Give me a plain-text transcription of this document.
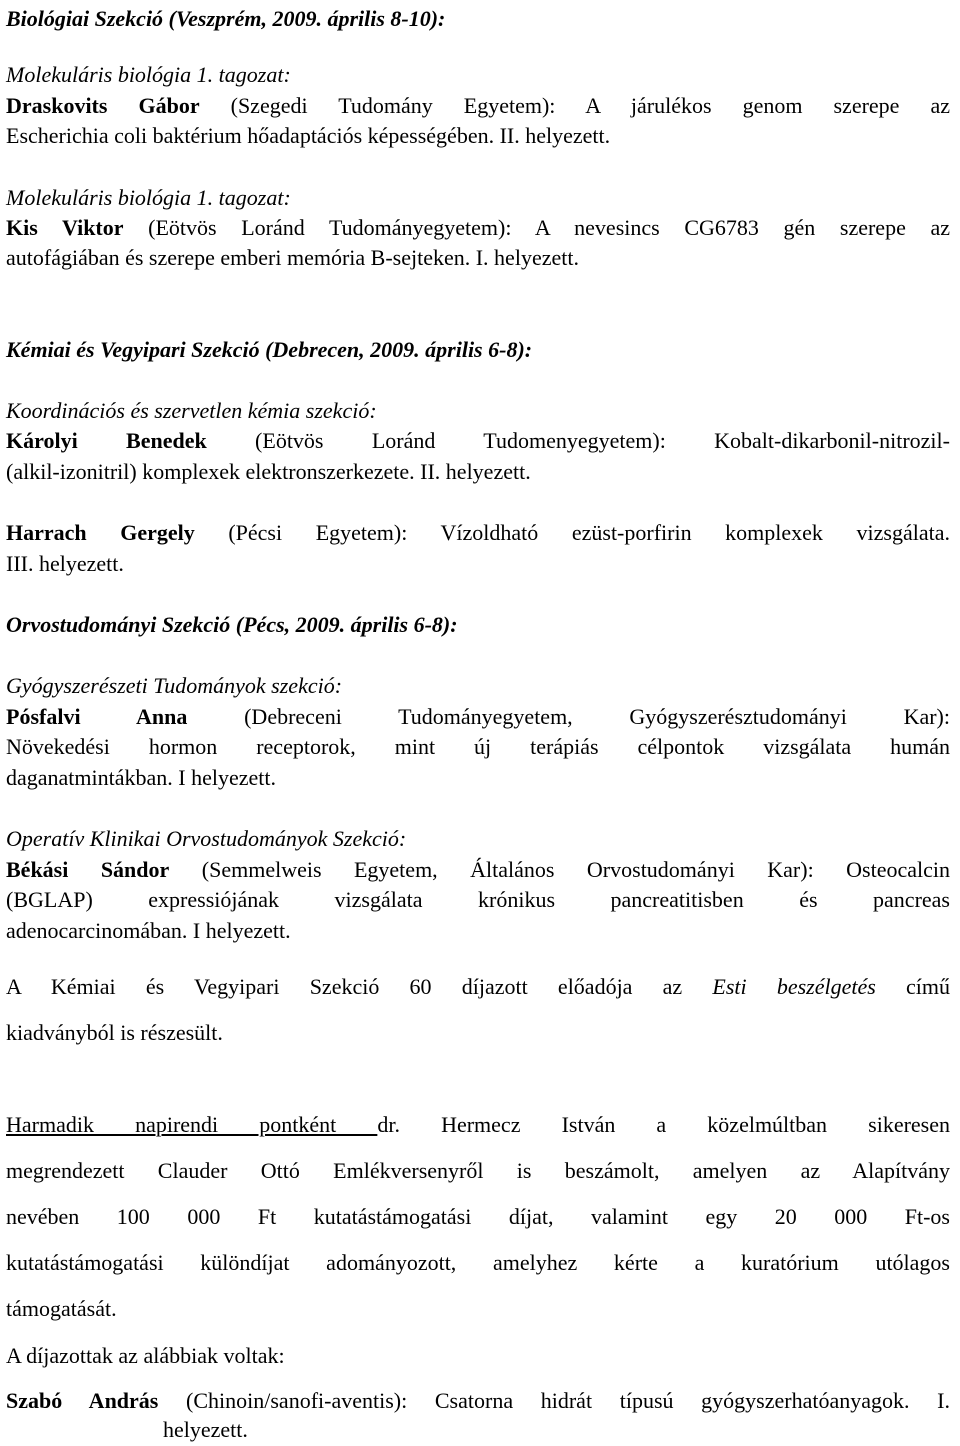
Biológiai Szekció (Veszprém, 2009. április 8-10):
Molekuláris biológia 1. tagozat:
Draskovits Gábor (Szegedi Tudomány Egyetem): A járulékos genom szerepe az
Escherichia coli baktérium hőadaptációs képességében. II. helyezett.
Molekuláris biológia 1. tagozat:
Kis Viktor (Eötvös Loránd Tudományegyetem): A nevesincs CG6783 gén szerepe az
autofágiában és szerepe emberi memória B-sejteken. I. helyezett.
Kémiai és Vegyipari Szekció (Debrecen, 2009. április 6-8):
Koordinációs és szervetlen kémia szekció:
Károlyi Benedek (Eötvös Loránd Tudomenyegyetem): Kobalt-dikarbonil-nitrozil-
(alkil-izonitril) komplexek elektronszerkezete. II. helyezett.
Harrach Gergely (Pécsi Egyetem): Vízoldható ezüst-porfirin komplexek vizsgálata.
III. helyezett.
Orvostudományi Szekció (Pécs, 2009. április 6-8):
Gyógyszerészeti Tudományok szekció:
Pósfalvi Anna (Debreceni Tudományegyetem, Gyógyszerésztudományi Kar):
Növekedési hormon receptorok, mint új terápiás célpontok vizsgálata humán
daganatmintákban. I helyezett.
Operatív Klinikai Orvostudományok Szekció:
Békási Sándor (Semmelweis Egyetem, Általános Orvostudományi Kar): Osteocalcin
(BGLAP) expressiójának vizsgálata krónikus pancreatitisben és pancreas
adenocarcinomában. I helyezett.
A Kémiai és Vegyipari Szekció 60 díjazott előadója az Esti beszélgetés című
kiadványból is részesült.
Harmadik napirendi pontként dr. Hermecz István a közelmúltban sikeresen
megrendezett Clauder Ottó Emlékversenyről is beszámolt, amelyen az Alapítvány
nevében 100 000 Ft kutatástámogatási díjat, valamint egy 20 000 Ft-os
kutatástámogatási különdíjat adományozott, amelyhez kérte a kuratórium utólagos
támogatását.
A díjazottak az alábbiak voltak:
Szabó András (Chinoin/sanofi-aventis): Csatorna hidrát típusú gyógyszerhatóanyagok. I.
helyezett.
